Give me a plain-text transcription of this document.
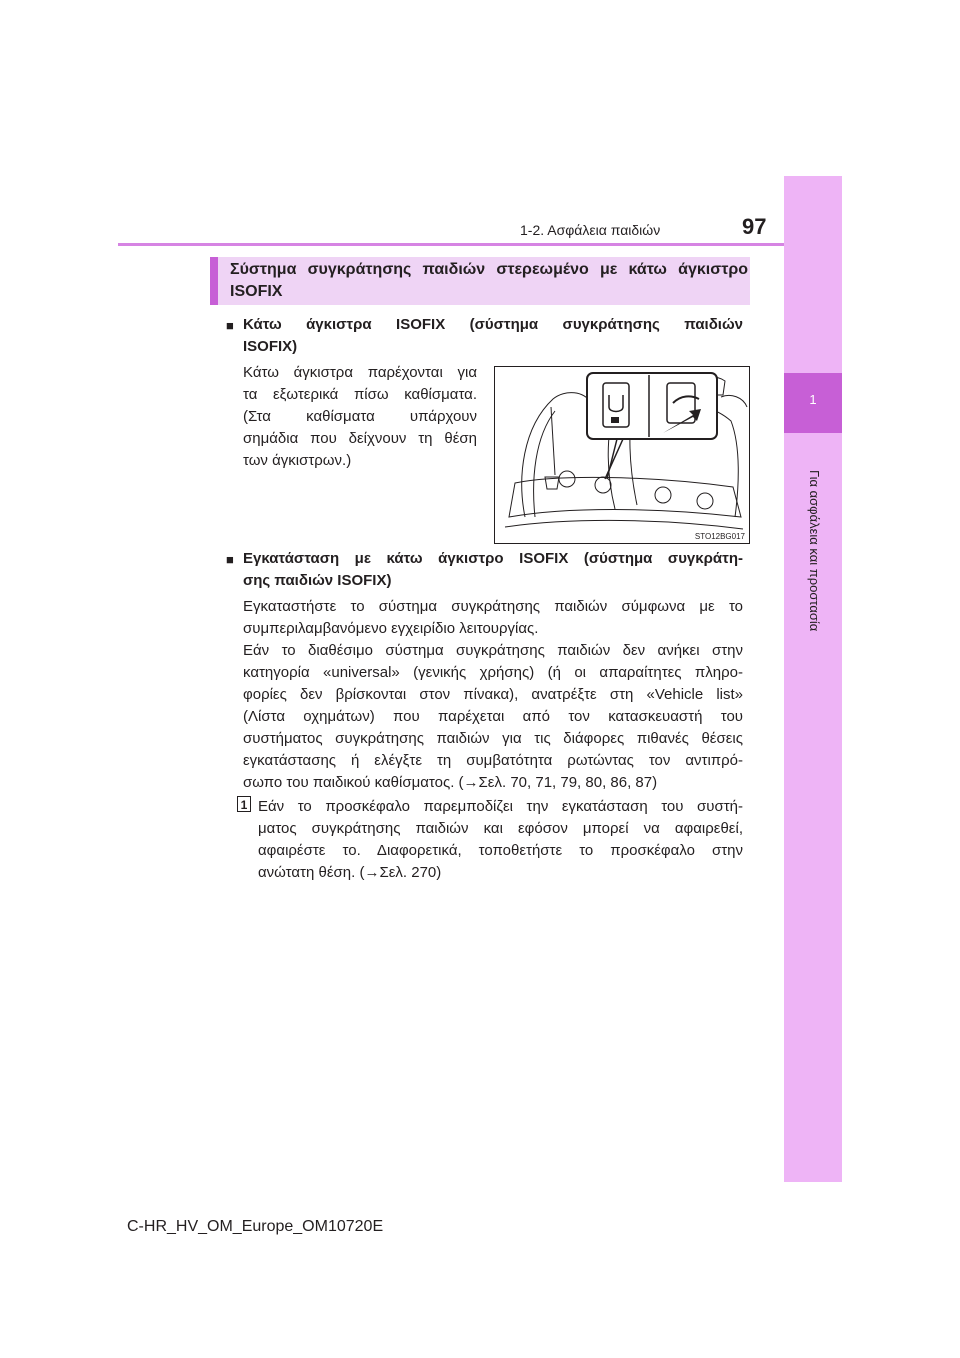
1-2. Ασφάλεια παιδιών	97
1
Για ασφάλεια και προστασία
Σύστημα συγκράτησης παιδιών στερεωμένο με κάτω άγκιστρο ISOFIX
■ Κάτω άγκιστρα ISOFIX (σύστημα συγκράτησης παιδιών
ISOFIX)
Κάτω άγκιστρα παρέχονται για
τα εξωτερικά πίσω καθίσματα.
(Στα καθίσματα υπάρχουν
σημάδια που δείχνουν τη θέση
των άγκιστρων.)
STO12BG017
■ Εγκατάσταση με κάτω άγκιστρο ISOFIX (σύστημα συγκράτη-
σης παιδιών ISOFIX)
Εγκαταστήστε το σύστημα συγκράτησης παιδιών σύμφωνα με το
συμπεριλαμβανόμενο εγχειρίδιο λειτουργίας.
Εάν το διαθέσιμο σύστημα συγκράτησης παιδιών δεν ανήκει στην
κατηγορία «universal» (γενικής χρήσης) (ή οι απαραίτητες πληρο-
φορίες δεν βρίσκονται στον πίνακα), ανατρέξτε στη «Vehicle list»
(Λίστα οχημάτων) που παρέχεται από τον κατασκευαστή του
συστήματος συγκράτησης παιδιών για τις διάφορες πιθανές θέσεις
εγκατάστασης ή ελέγξτε τη συμβατότητα ρωτώντας τον αντιπρό-
σωπο του παιδικού καθίσματος. (→Σελ. 70, 71, 79, 80, 86, 87)
1 Εάν το προσκέφαλο παρεμποδίζει την εγκατάσταση του συστή-
ματος συγκράτησης παιδιών και εφόσον μπορεί να αφαιρεθεί,
αφαιρέστε το. Διαφορετικά, τοποθετήστε το προσκέφαλο στην
ανώτατη θέση. (→Σελ. 270)
C-HR_HV_OM_Europe_OM10720E
